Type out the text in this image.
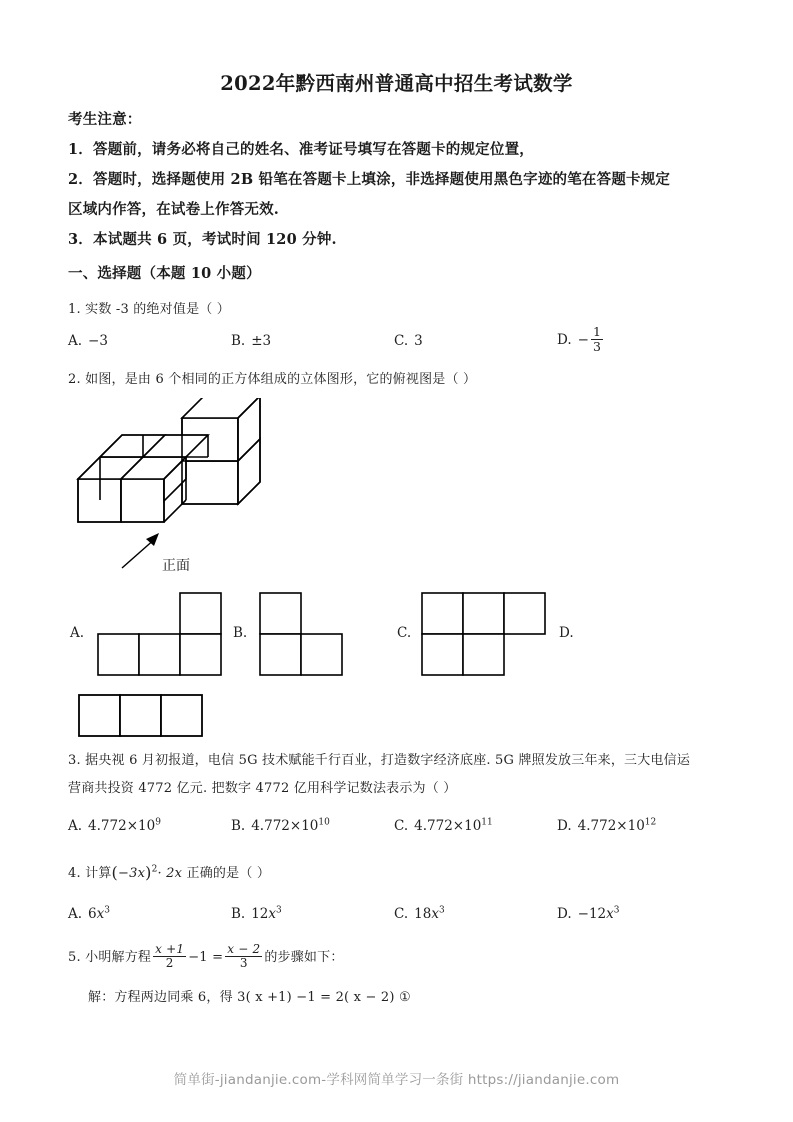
2022年黔西南州普通高中招生考试数学
考生注意：
1．答题前，请务必将自己的姓名、准考证号填写在答题卡的规定位置，
2．答题时，选择题使用 2B 铅笔在答题卡上填涂，非选择题使用黑色字迹的笔在答题卡规定
区域内作答，在试卷上作答无效.
3．本试题共 6 页，考试时间 120 分钟.
一、选择题（本题 10 小题）
1. 实数 -3 的绝对值是（ ）
A. −3	B. ±3	C. 3	D. − $\frac{1}{3}$
2. 如图，是由 6 个相同的正方体组成的立体图形，它的俯视图是（ ）
正面
A.	B.	C.	D.
3. 据央视 6 月初报道，电信 5G 技术赋能千行百业，打造数字经济底座. 5G 牌照发放三年来，三大电信运
营商共投资 4772 亿元. 把数字 4772 亿用科学记数法表示为（ ）
A. $4.772\times 10^9$	B. $4.772\times 10^{10}$	C. $4.772\times 10^{11}$	D. $4.772\times 10^{12}$
4. 计算$(-3x)^2\cdot 2x$ 正确的是（ ）
A. $6x^3$	B. $12x^3$	C. $18x^3$	D. $-12x^3$
5. 小明解方程 $\frac{x +1}{2} -1 = \frac{x - 2}{3}$ 的步骤如下：
解：方程两边同乘 6，得 3( x +1) −1 = 2( x − 2) ①
简单街-jiandanjie.com-学科网简单学习一条街 https://jiandanjie.com
